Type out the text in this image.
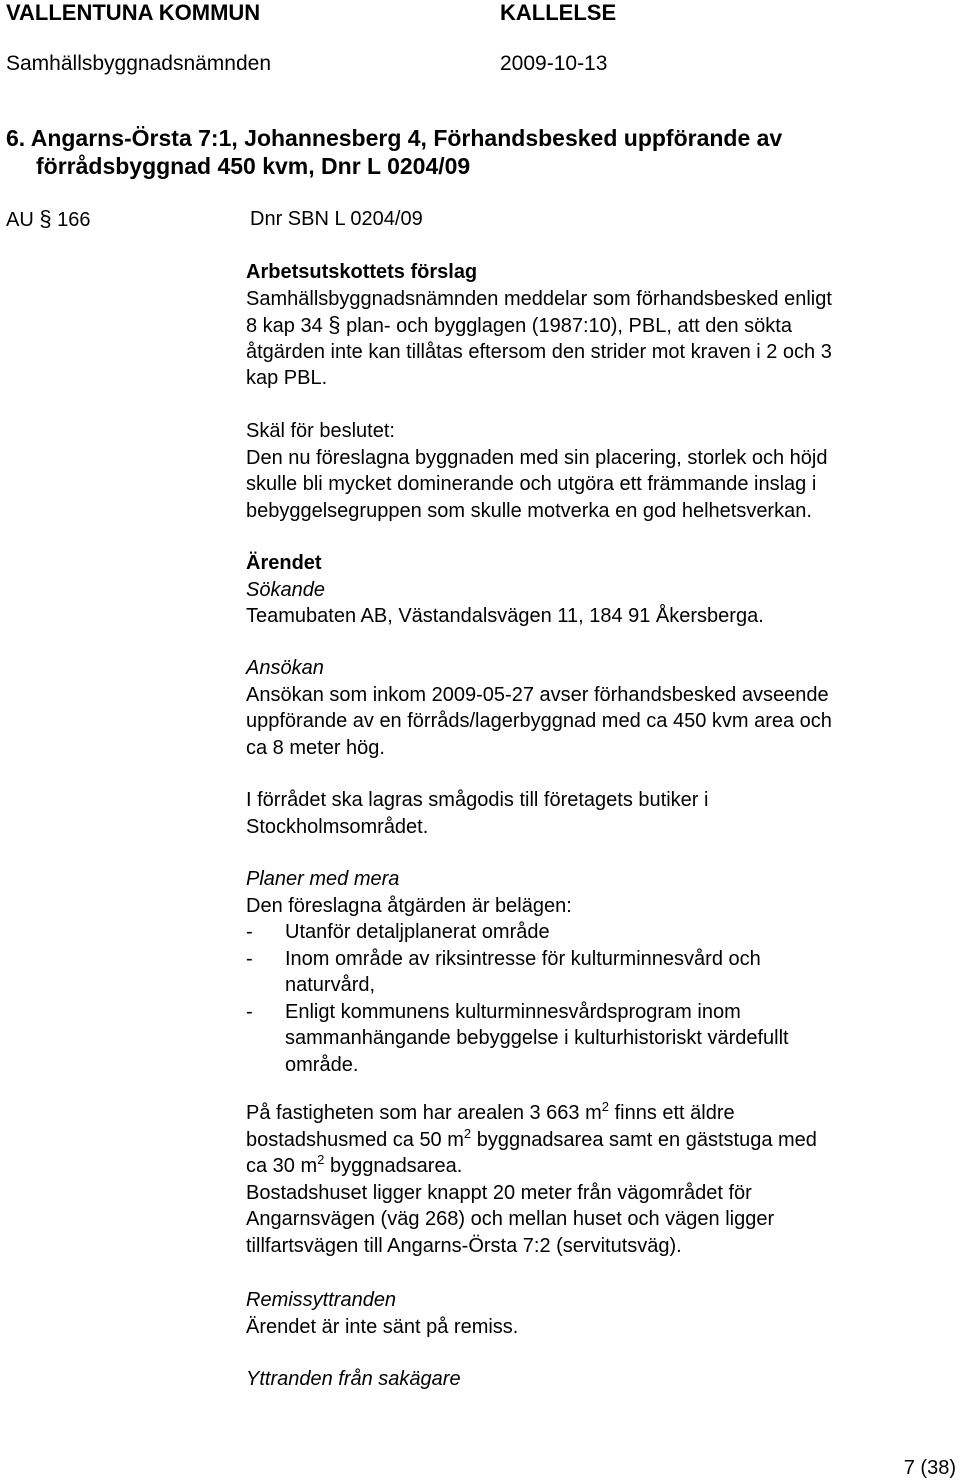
VALLENTUNA KOMMUN	KALLELSE
Samhällsbyggnadsnämnden	2009-10-13
6. Angarns-Örsta 7:1, Johannesberg 4, Förhandsbesked uppförande av
förrådsbyggnad 450 kvm, Dnr L 0204/09
AU § 166	Dnr SBN L 0204/09
Arbetsutskottets förslag
Samhällsbyggnadsnämnden meddelar som förhandsbesked enligt
8 kap 34 § plan- och bygglagen (1987:10), PBL, att den sökta
åtgärden inte kan tillåtas eftersom den strider mot kraven i 2 och 3
kap PBL.
Skäl för beslutet:
Den nu föreslagna byggnaden med sin placering, storlek och höjd
skulle bli mycket dominerande och utgöra ett främmande inslag i
bebyggelsegruppen som skulle motverka en god helhetsverkan.
Ärendet
Sökande
Teamubaten AB, Västandalsvägen 11, 184 91 Åkersberga.
Ansökan
Ansökan som inkom 2009-05-27 avser förhandsbesked avseende
uppförande av en förråds/lagerbyggnad med ca 450 kvm area och
ca 8 meter hög.
I förrådet ska lagras smågodis till företagets butiker i
Stockholmsområdet.
Planer med mera
Den föreslagna åtgärden är belägen:
- Utanför detaljplanerat område
- Inom område av riksintresse för kulturminnesvård och
naturvård,
- Enligt kommunens kulturminnesvårdsprogram inom
sammanhängande bebyggelse i kulturhistoriskt värdefullt
område.
På fastigheten som har arealen 3 663 $m^2$ finns ett äldre
bostadshusmed ca 50 $m^2$ byggnadsarea samt en gäststuga med
ca 30 $m^2$ byggnadsarea.
Bostadshuset ligger knappt 20 meter från vägområdet för
Angarnsvägen (väg 268) och mellan huset och vägen ligger
tillfartsvägen till Angarns-Örsta 7:2 (servitutsväg).
Remissyttranden
Ärendet är inte sänt på remiss.
Yttranden från sakägare
7 (38)
